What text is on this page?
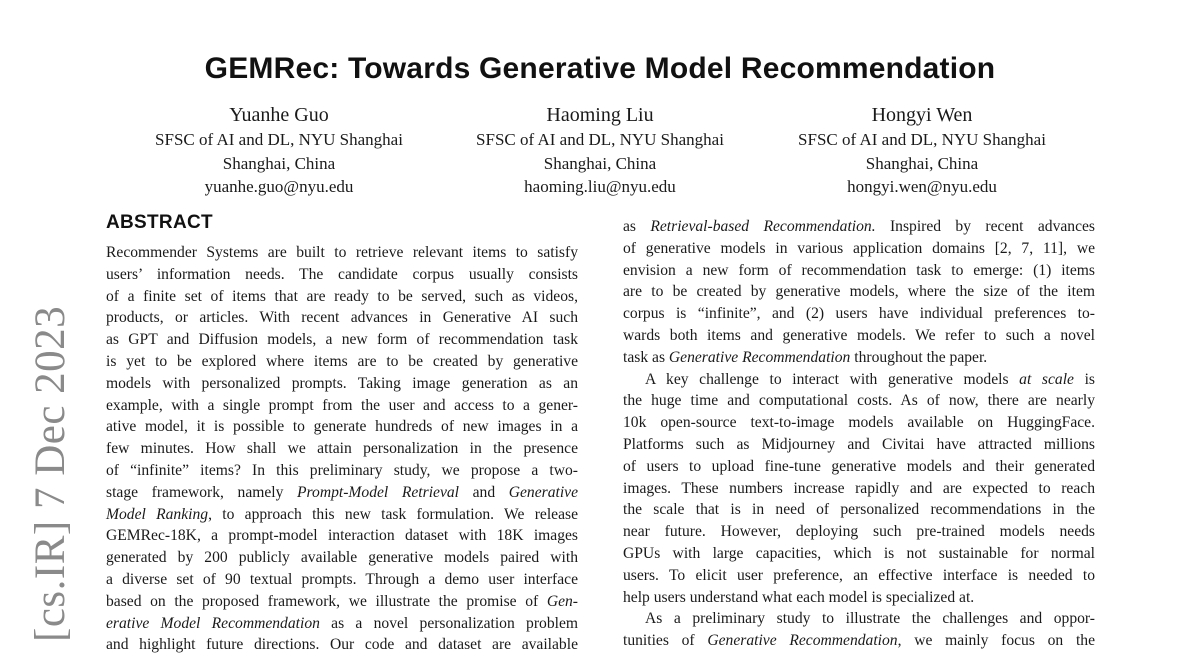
[cs.IR] 7 Dec 2023
GEMRec: Towards Generative Model Recommendation
Yuanhe Guo
SFSC of AI and DL, NYU Shanghai
Shanghai, China
yuanhe.guo@nyu.edu
Haoming Liu
SFSC of AI and DL, NYU Shanghai
Shanghai, China
haoming.liu@nyu.edu
Hongyi Wen
SFSC of AI and DL, NYU Shanghai
Shanghai, China
hongyi.wen@nyu.edu
ABSTRACT
Recommender Systems are built to retrieve relevant items to satisfy
users’ information needs. The candidate corpus usually consists
of a finite set of items that are ready to be served, such as videos,
products, or articles. With recent advances in Generative AI such
as GPT and Diffusion models, a new form of recommendation task
is yet to be explored where items are to be created by generative
models with personalized prompts. Taking image generation as an
example, with a single prompt from the user and access to a gener-
ative model, it is possible to generate hundreds of new images in a
few minutes. How shall we attain personalization in the presence
of “infinite” items? In this preliminary study, we propose a two-
stage framework, namely Prompt-Model Retrieval and Generative
Model Ranking, to approach this new task formulation. We release
GEMRec-18K, a prompt-model interaction dataset with 18K images
generated by 200 publicly available generative models paired with
a diverse set of 90 textual prompts. Through a demo user interface
based on the proposed framework, we illustrate the promise of Gen-
erative Model Recommendation as a novel personalization problem
and highlight future directions. Our code and dataset are available
as Retrieval-based Recommendation. Inspired by recent advances
of generative models in various application domains [2, 7, 11], we
envision a new form of recommendation task to emerge: (1) items
are to be created by generative models, where the size of the item
corpus is “infinite”, and (2) users have individual preferences to-
wards both items and generative models. We refer to such a novel
task as Generative Recommendation throughout the paper.
A key challenge to interact with generative models at scale is
the huge time and computational costs. As of now, there are nearly
10k open-source text-to-image models available on HuggingFace.
Platforms such as Midjourney and Civitai have attracted millions
of users to upload fine-tune generative models and their generated
images. These numbers increase rapidly and are expected to reach
the scale that is in need of personalized recommendations in the
near future. However, deploying such pre-trained models needs
GPUs with large capacities, which is not sustainable for normal
users. To elicit user preference, an effective interface is needed to
help users understand what each model is specialized at.
As a preliminary study to illustrate the challenges and oppor-
tunities of Generative Recommendation, we mainly focus on the
